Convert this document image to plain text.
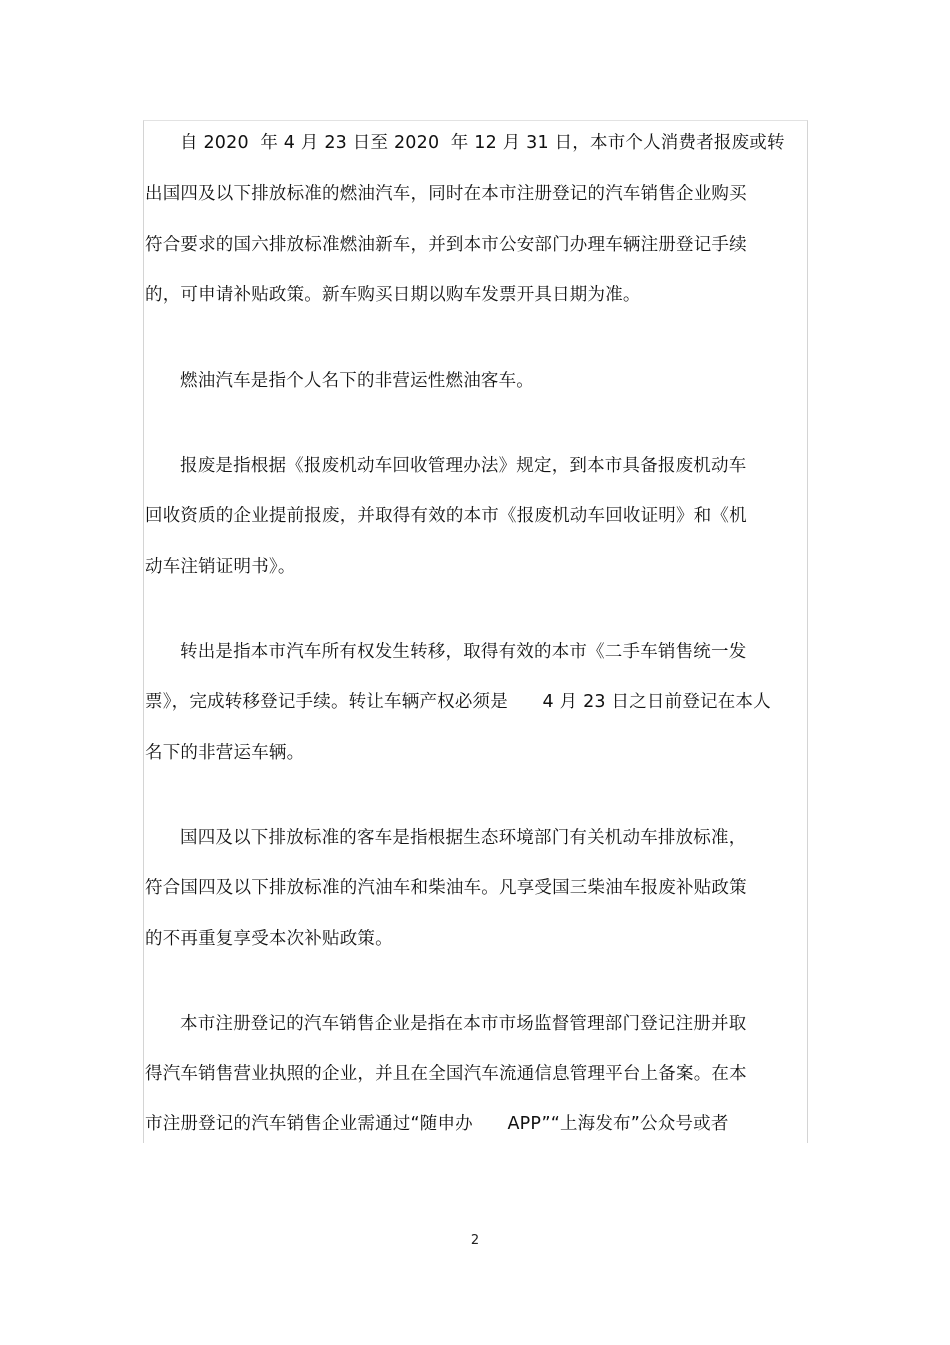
自 2020  年 4 月 23 日至 2020  年 12 月 31 日，本市个人消费者报废或转
出国四及以下排放标准的燃油汽车，同时在本市注册登记的汽车销售企业购买
符合要求的国六排放标准燃油新车，并到本市公安部门办理车辆注册登记手续
的，可申请补贴政策。新车购买日期以购车发票开具日期为准。
燃油汽车是指个人名下的非营运性燃油客车。
报废是指根据《报废机动车回收管理办法》规定，到本市具备报废机动车
回收资质的企业提前报废，并取得有效的本市《报废机动车回收证明》和《机
动车注销证明书》。
转出是指本市汽车所有权发生转移，取得有效的本市《二手车销售统一发
票》，完成转移登记手续。转让车辆产权必须是      4 月 23 日之日前登记在本人
名下的非营运车辆。
国四及以下排放标准的客车是指根据生态环境部门有关机动车排放标准，
符合国四及以下排放标准的汽油车和柴油车。凡享受国三柴油车报废补贴政策
的不再重复享受本次补贴政策。
本市注册登记的汽车销售企业是指在本市市场监督管理部门登记注册并取
得汽车销售营业执照的企业，并且在全国汽车流通信息管理平台上备案。在本
市注册登记的汽车销售企业需通过“随申办      APP”“上海发布”公众号或者
2
